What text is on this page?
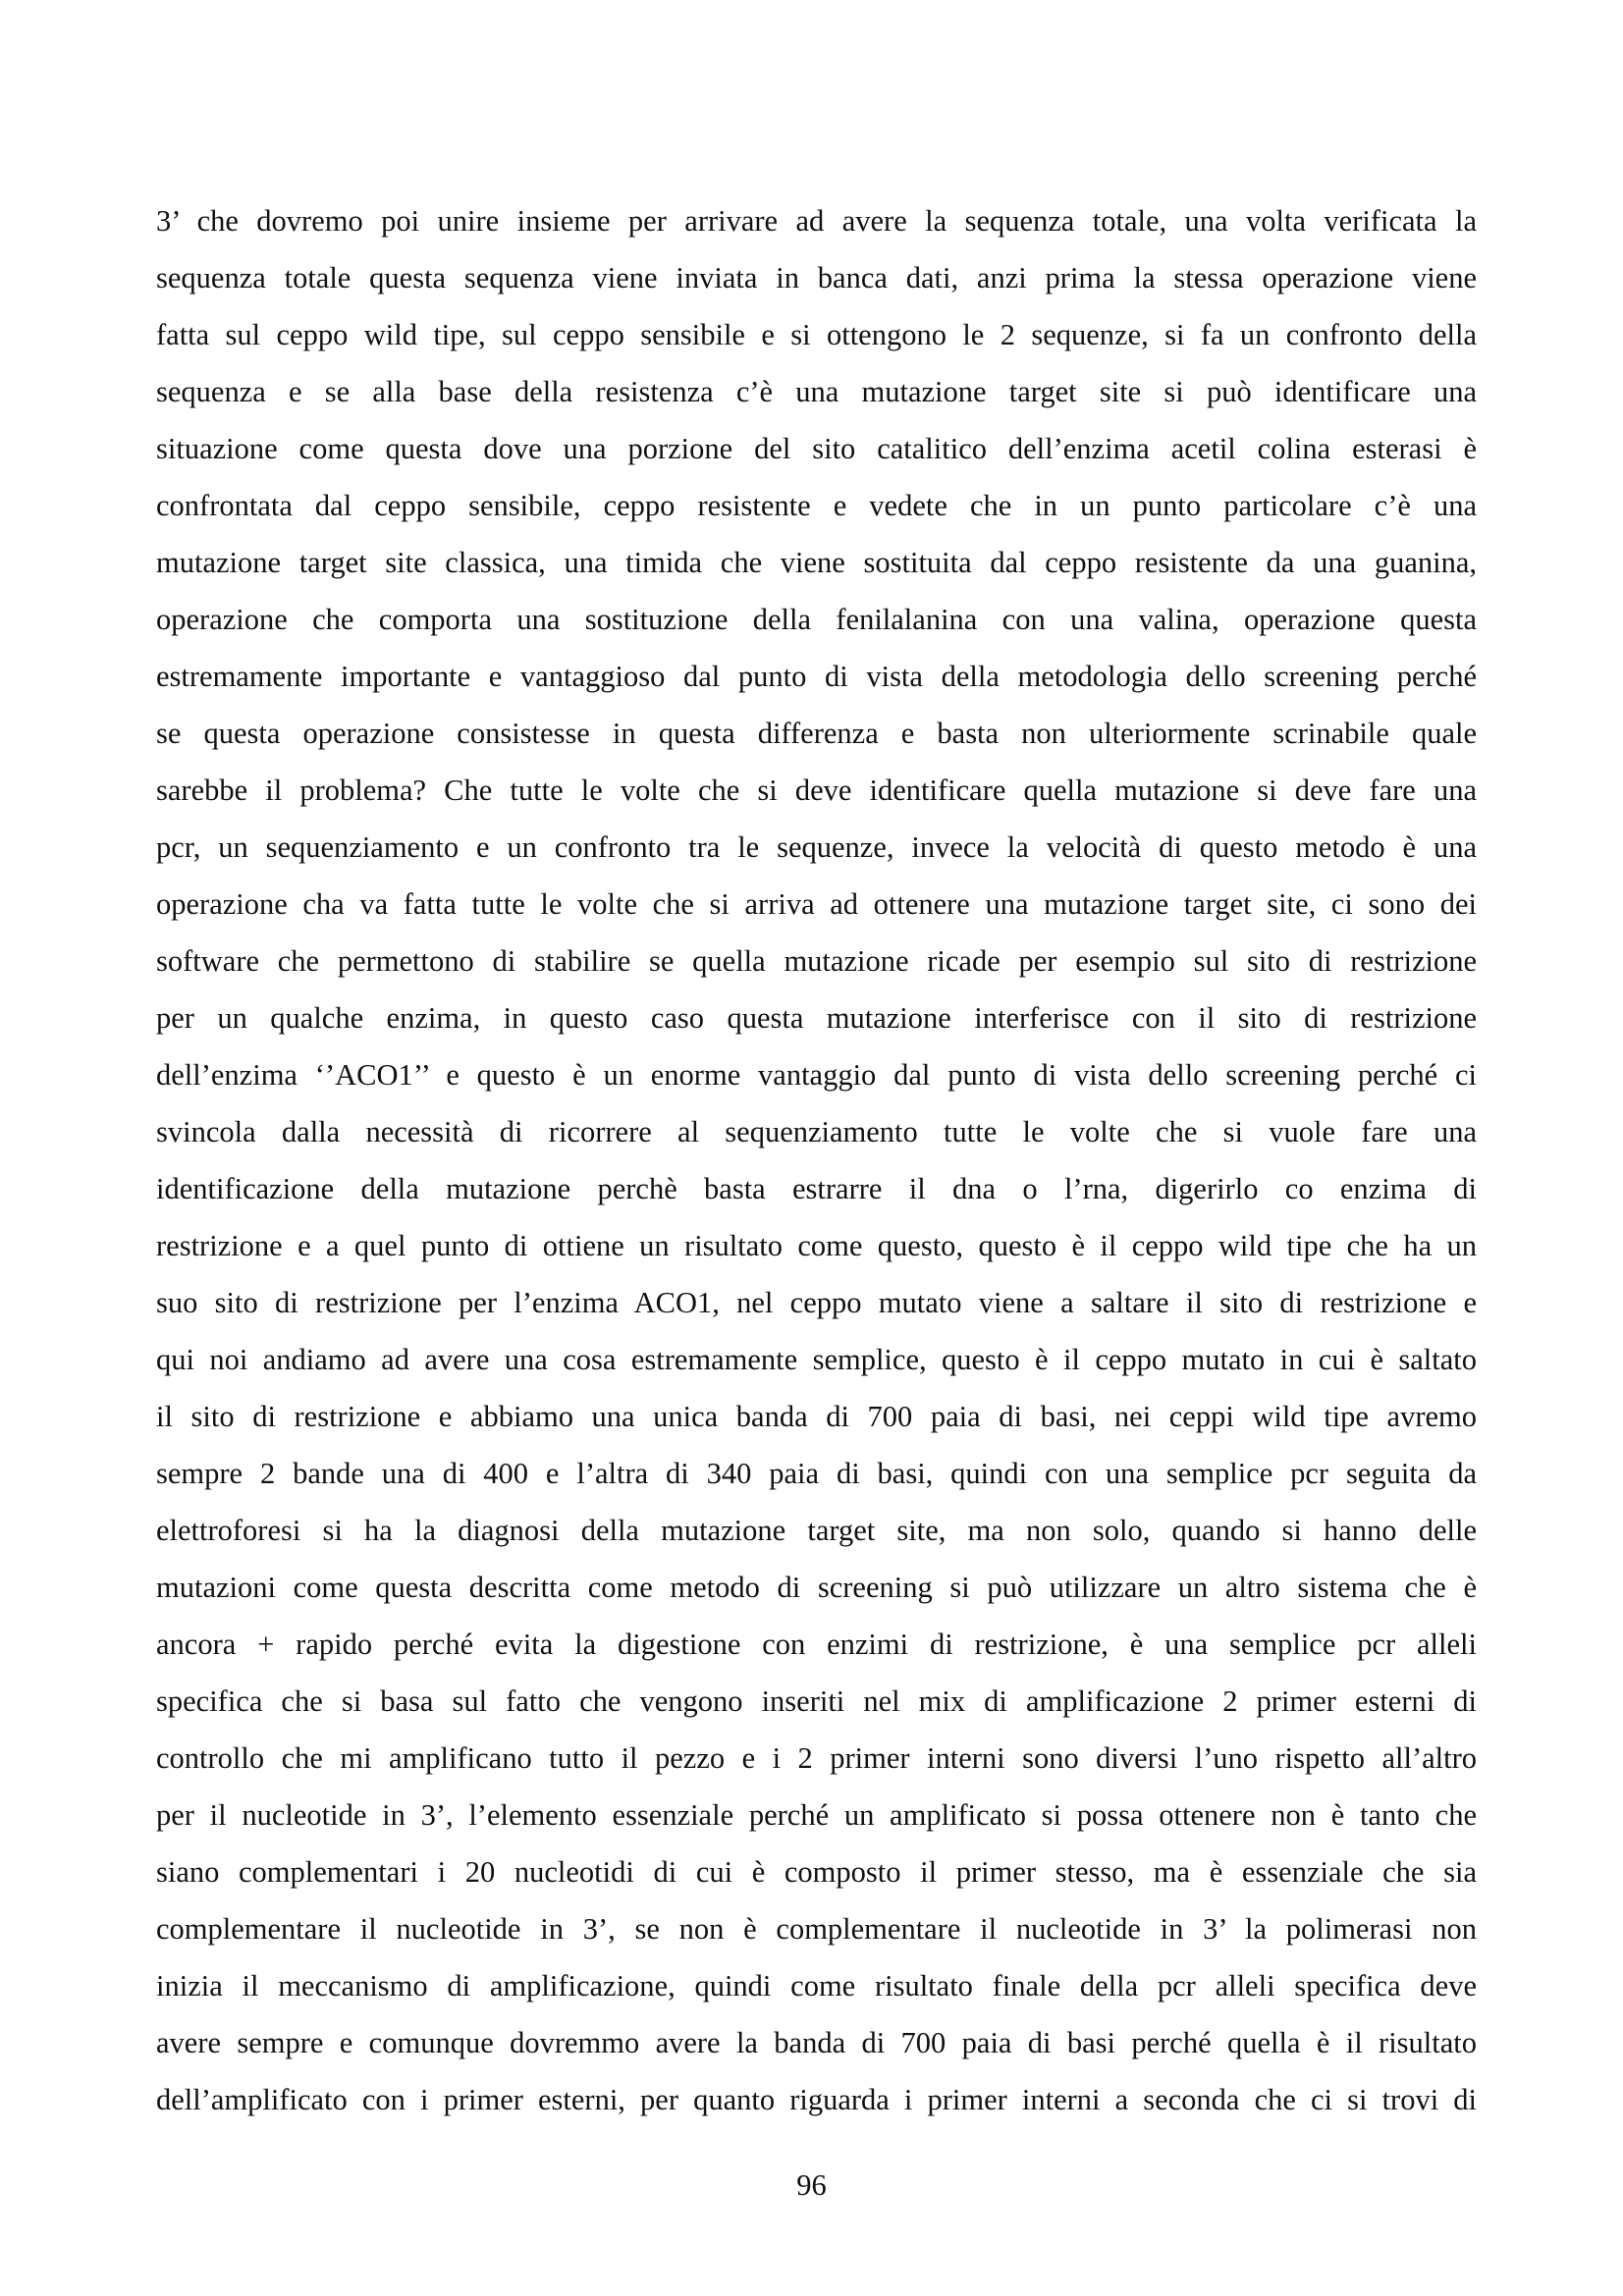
3’ che dovremo poi unire insieme per arrivare ad avere la sequenza totale, una volta verificata la
sequenza totale questa sequenza viene inviata in banca dati, anzi prima la stessa operazione viene
fatta sul ceppo wild tipe, sul ceppo sensibile e si ottengono le 2 sequenze, si fa un confronto della
sequenza e se alla base della resistenza c’è una mutazione target site si può identificare una
situazione come questa dove una porzione del sito catalitico dell’enzima acetil colina esterasi è
confrontata dal ceppo sensibile, ceppo resistente e vedete che in un punto particolare c’è una
mutazione target site classica, una timida che viene sostituita dal ceppo resistente da una guanina,
operazione che comporta una sostituzione della fenilalanina con una valina, operazione questa
estremamente importante e vantaggioso dal punto di vista della metodologia dello screening perché
se questa operazione consistesse in questa differenza e basta non ulteriormente scrinabile quale
sarebbe il problema? Che tutte le volte che si deve identificare quella mutazione si deve fare una
pcr, un sequenziamento e un confronto tra le sequenze, invece la velocità di questo metodo è una
operazione cha va fatta tutte le volte che si arriva ad ottenere una mutazione target site, ci sono dei
software che permettono di stabilire se quella mutazione ricade per esempio sul sito di restrizione
per un qualche enzima, in questo caso questa mutazione interferisce con il sito di restrizione
dell’enzima ‘’ACO1’’ e questo è un enorme vantaggio dal punto di vista dello screening perché ci
svincola dalla necessità di ricorrere al sequenziamento tutte le volte che si vuole fare una
identificazione della mutazione perchè basta estrarre il dna o l’rna, digerirlo co enzima di
restrizione e a quel punto di ottiene un risultato come questo, questo è il ceppo wild tipe che ha un
suo sito di restrizione per l’enzima ACO1, nel ceppo mutato viene a saltare il sito di restrizione e
qui noi andiamo ad avere una cosa estremamente semplice, questo è il ceppo mutato in cui è saltato
il sito di restrizione e abbiamo una unica banda di 700 paia di basi, nei ceppi wild tipe avremo
sempre 2 bande una di 400 e l’altra di 340 paia di basi, quindi con una semplice pcr seguita da
elettroforesi si ha la diagnosi della mutazione target site, ma non solo, quando si hanno delle
mutazioni come questa descritta come metodo di screening si può utilizzare un altro sistema che è
ancora + rapido perché evita la digestione con enzimi di restrizione, è una semplice pcr alleli
specifica che si basa sul fatto che vengono inseriti nel mix di amplificazione 2 primer esterni di
controllo che mi amplificano tutto il pezzo e i 2 primer interni sono diversi l’uno rispetto all’altro
per il nucleotide in 3’, l’elemento essenziale perché un amplificato si possa ottenere non è tanto che
siano complementari i 20 nucleotidi di cui è composto il primer stesso, ma è essenziale che sia
complementare il nucleotide in 3’, se non è complementare il nucleotide in 3’ la polimerasi non
inizia il meccanismo di amplificazione, quindi come risultato finale della pcr alleli specifica deve
avere sempre e comunque dovremmo avere la banda di 700 paia di basi perché quella è il risultato
dell’amplificato con i primer esterni, per quanto riguarda i primer interni a seconda che ci si trovi di
96
